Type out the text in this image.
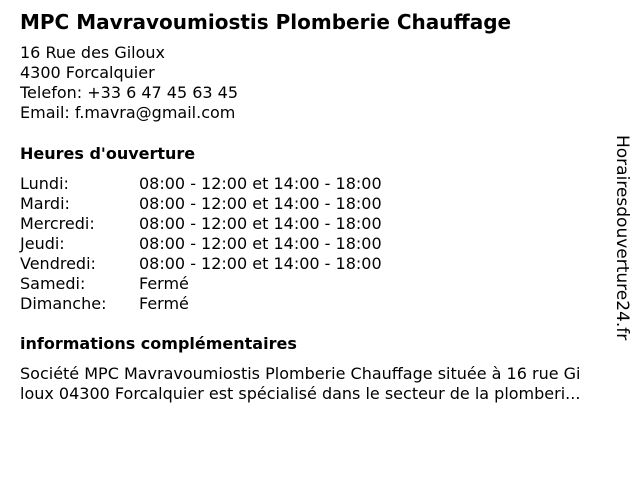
MPC Mavravoumiostis Plomberie Chauffage
16 Rue des Giloux
4300 Forcalquier
Telefon: +33 6 47 45 63 45
Email: f.mavra@gmail.com
Heures d'ouverture
Lundi:	08:00 - 12:00 et 14:00 - 18:00
Mardi:	08:00 - 12:00 et 14:00 - 18:00
Mercredi:	08:00 - 12:00 et 14:00 - 18:00
Jeudi:	08:00 - 12:00 et 14:00 - 18:00
Vendredi:	08:00 - 12:00 et 14:00 - 18:00
Samedi:	Fermé
Dimanche: Fermé
informations complémentaires
Société MPC Mavravoumiostis Plomberie Chauffage située à 16 rue Gi
loux 04300 Forcalquier est spécialisé dans le secteur de la plomberi...
Horairesdouverture24.fr
